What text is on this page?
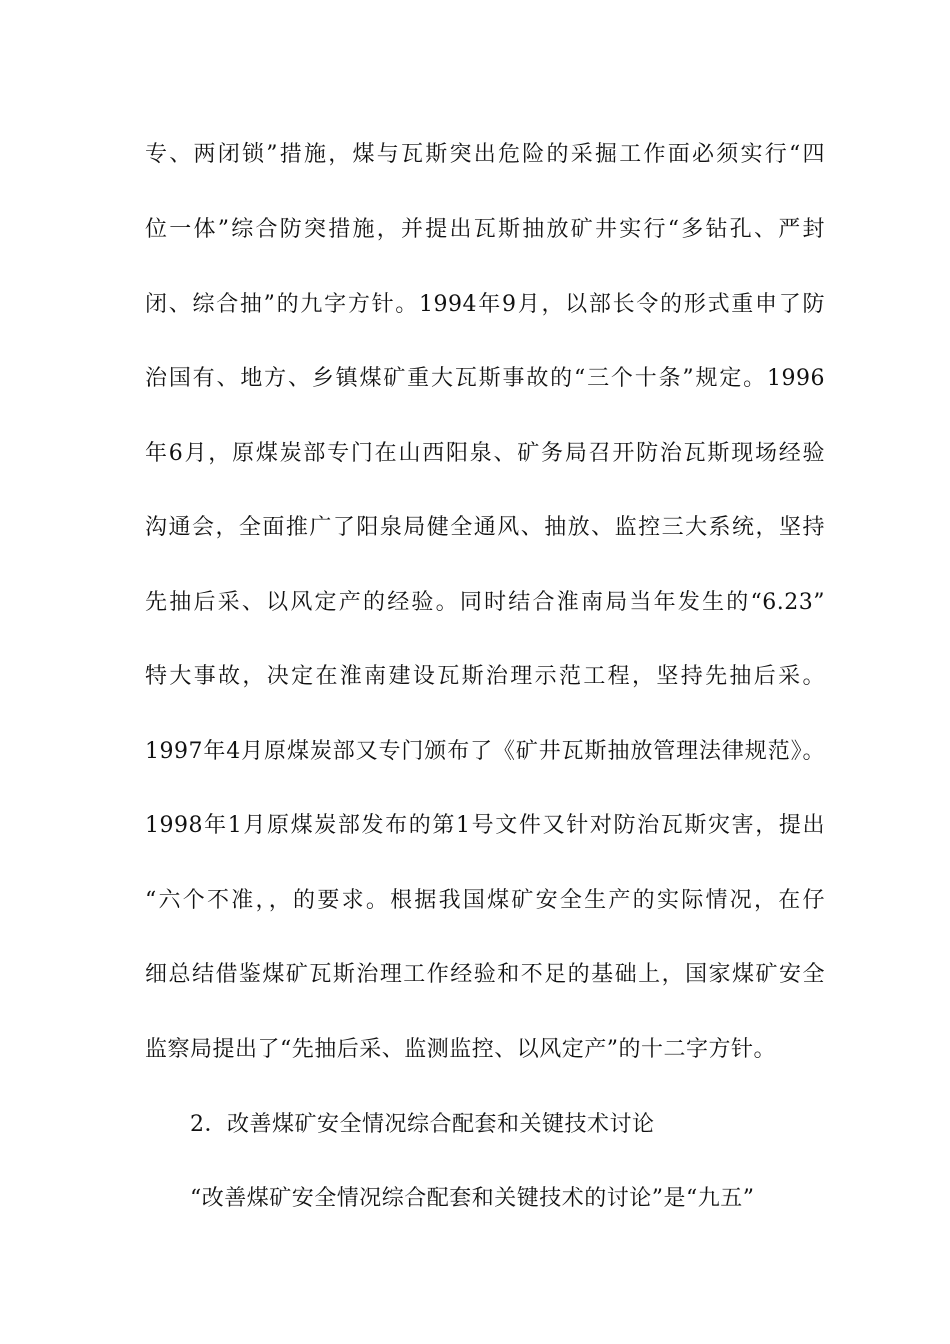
专、两闭锁”措施，煤与瓦斯突出危险的采掘工作面必须实行“四
位一体”综合防突措施，并提出瓦斯抽放矿井实行“多钻孔、严封
闭、综合抽”的九字方针。1994年9月，以部长令的形式重申了防
治国有、地方、乡镇煤矿重大瓦斯事故的“三个十条”规定。1996
年6月，原煤炭部专门在山西阳泉、矿务局召开防治瓦斯现场经验
沟通会，全面推广了阳泉局健全通风、抽放、监控三大系统，坚持
先抽后采、以风定产的经验。同时结合淮南局当年发生的“6.23”
特大事故，决定在淮南建设瓦斯治理示范工程，坚持先抽后采。
1997年4月原煤炭部又专门颁布了《矿井瓦斯抽放管理法律规范》。
1998年1月原煤炭部发布的第1号文件又针对防治瓦斯灾害，提出
“六个不准，，的要求。根据我国煤矿安全生产的实际情况，在仔
细总结借鉴煤矿瓦斯治理工作经验和不足的基础上，国家煤矿安全
监察局提出了“先抽后采、监测监控、以风定产”的十二字方针。
2．改善煤矿安全情况综合配套和关键技术讨论
“改善煤矿安全情况综合配套和关键技术的讨论”是“九五”
